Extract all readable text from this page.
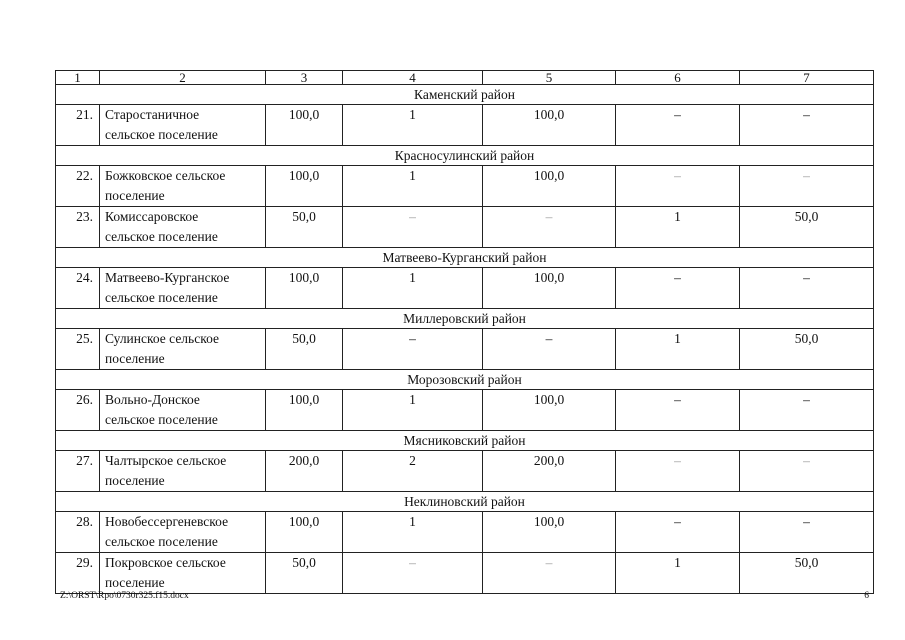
1	2	3	4	5	6	7
Каменский район						
21.	Старостаничное
сельское поселение	100,0	1	100,0	–	–
Красносулинский район						
22.	Божковское сельское
поселение	100,0	1	100,0	–	–
23.	Комиссаровское
сельское поселение	50,0	–	–	1	50,0
Матвеево-Курганский район						
24.	Матвеево-Курганское
сельское поселение	100,0	1	100,0	–	–
Миллеровский район						
25.	Сулинское сельское
поселение	50,0	–	–	1	50,0
Морозовский район						
26.	Вольно-Донское
сельское поселение	100,0	1	100,0	–	–
Мясниковский район						
27.	Чалтырское сельское
поселение	200,0	2	200,0	–	–
Неклиновский район						
28.	Новобессергеневское
сельское поселение	100,0	1	100,0	–	–
29.	Покровское сельское
поселение	50,0	–	–	1	50,0
Z:\ORST\Rpo\0730r325.f15.docx	6
